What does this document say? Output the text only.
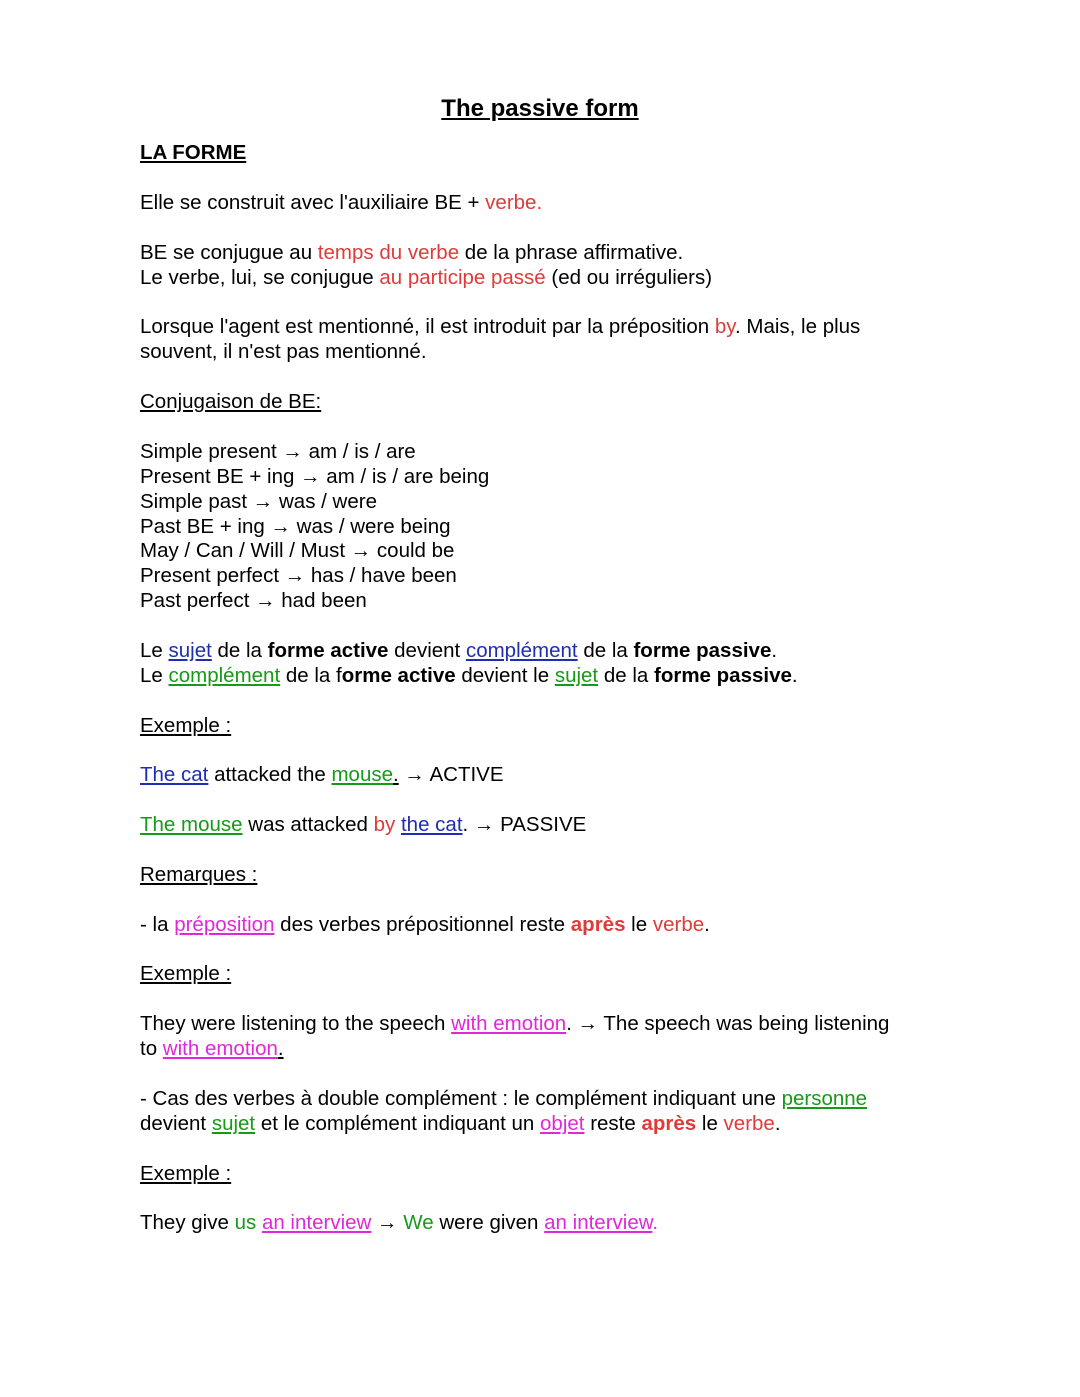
The passive form
LA FORME
Elle se construit avec l'auxiliaire BE + verbe.
BE se conjugue au temps du verbe de la phrase affirmative.
Le verbe, lui, se conjugue au participe passé (ed ou irréguliers)
Lorsque l'agent est mentionné, il est introduit par la préposition by. Mais, le plus
souvent, il n'est pas mentionné.
Conjugaison de BE:
Simple present → am / is / are
Present BE + ing → am / is / are being
Simple past → was / were
Past BE + ing → was / were being
May / Can / Will / Must → could be
Present perfect → has / have been
Past perfect → had been
Le sujet de la forme active devient complément de la forme passive.
Le complément de la forme active devient le sujet de la forme passive.
Exemple :
The cat attacked the mouse. → ACTIVE
The mouse was attacked by the cat. → PASSIVE
Remarques :
- la préposition des verbes prépositionnel reste après le verbe.
Exemple :
They were listening to the speech with emotion. → The speech was being listening
to with emotion.
- Cas des verbes à double complément : le complément indiquant une personne
devient sujet et le complément indiquant un objet reste après le verbe.
Exemple :
They give us an interview → We were given an interview.
